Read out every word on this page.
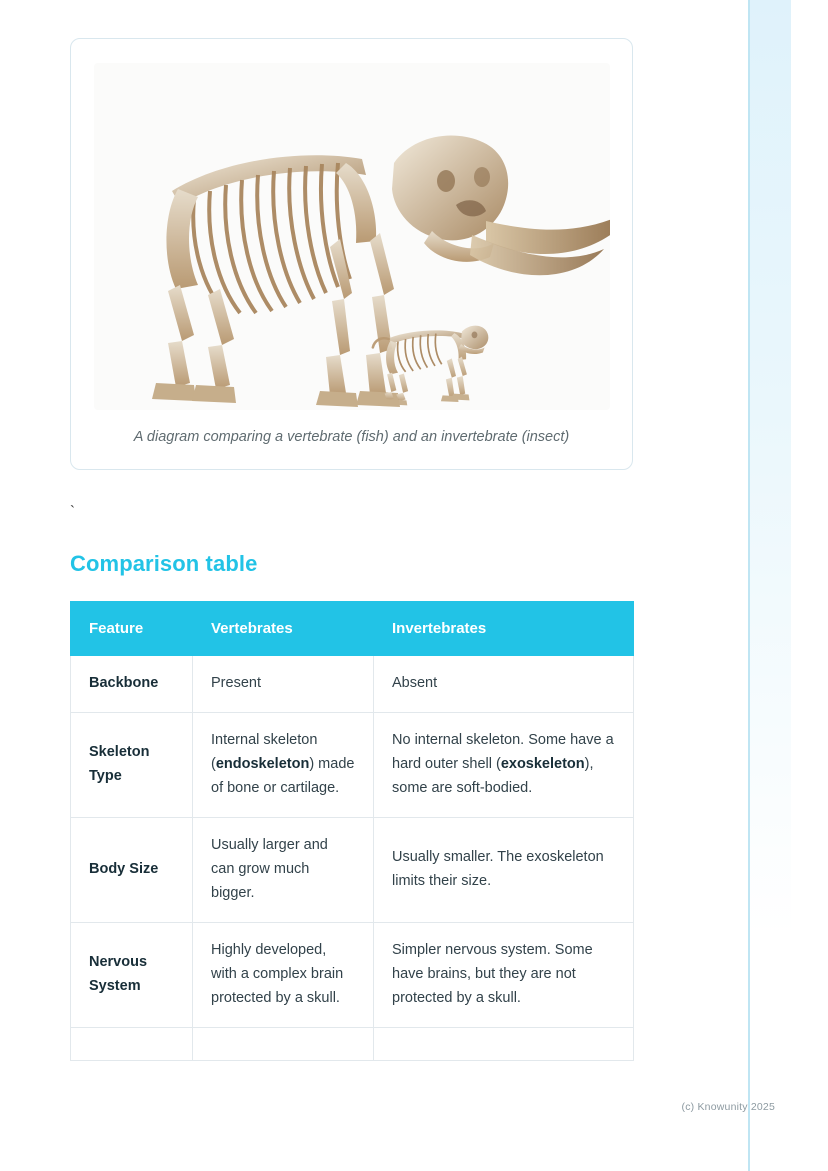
A diagram comparing a vertebrate (fish) and an invertebrate (insect)
`
Comparison table
Feature	Vertebrates	Invertebrates
Backbone	Present	Absent
Skeleton Type	Internal skeleton (endoskeleton) made of bone or cartilage.	No internal skeleton. Some have a hard outer shell (exoskeleton), some are soft-bodied.
Body Size	Usually larger and can grow much bigger.	Usually smaller. The exoskeleton limits their size.
Nervous System	Highly developed, with a complex brain protected by a skull.	Simpler nervous system. Some have brains, but they are not protected by a skull.

(c) Knowunity 2025
